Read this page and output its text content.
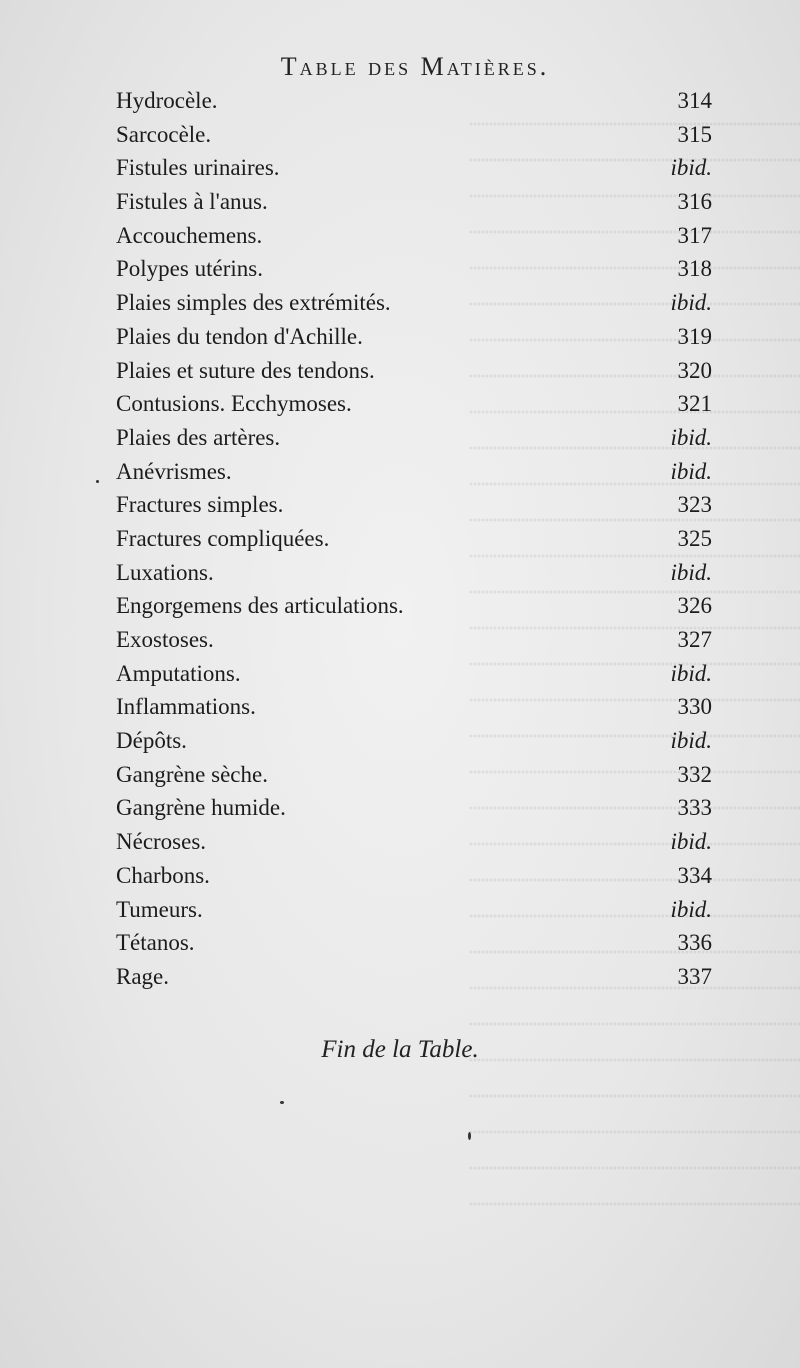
Table des Matières.
Hydrocèle.	314
Sarcocèle.	315
Fistules urinaires.	ibid.
Fistules à l'anus.	316
Accouchemens.	317
Polypes utérins.	318
Plaies simples des extrémités.	ibid.
Plaies du tendon d'Achille.	319
Plaies et suture des tendons.	320
Contusions. Ecchymoses.	321
Plaies des artères.	ibid.
Anévrismes.	ibid.
Fractures simples.	323
Fractures compliquées.	325
Luxations.	ibid.
Engorgemens des articulations.	326
Exostoses.	327
Amputations.	ibid.
Inflammations.	330
Dépôts.	ibid.
Gangrène sèche.	332
Gangrène humide.	333
Nécroses.	ibid.
Charbons.	334
Tumeurs.	ibid.
Tétanos.	336
Rage.	337
Fin de la Table.
